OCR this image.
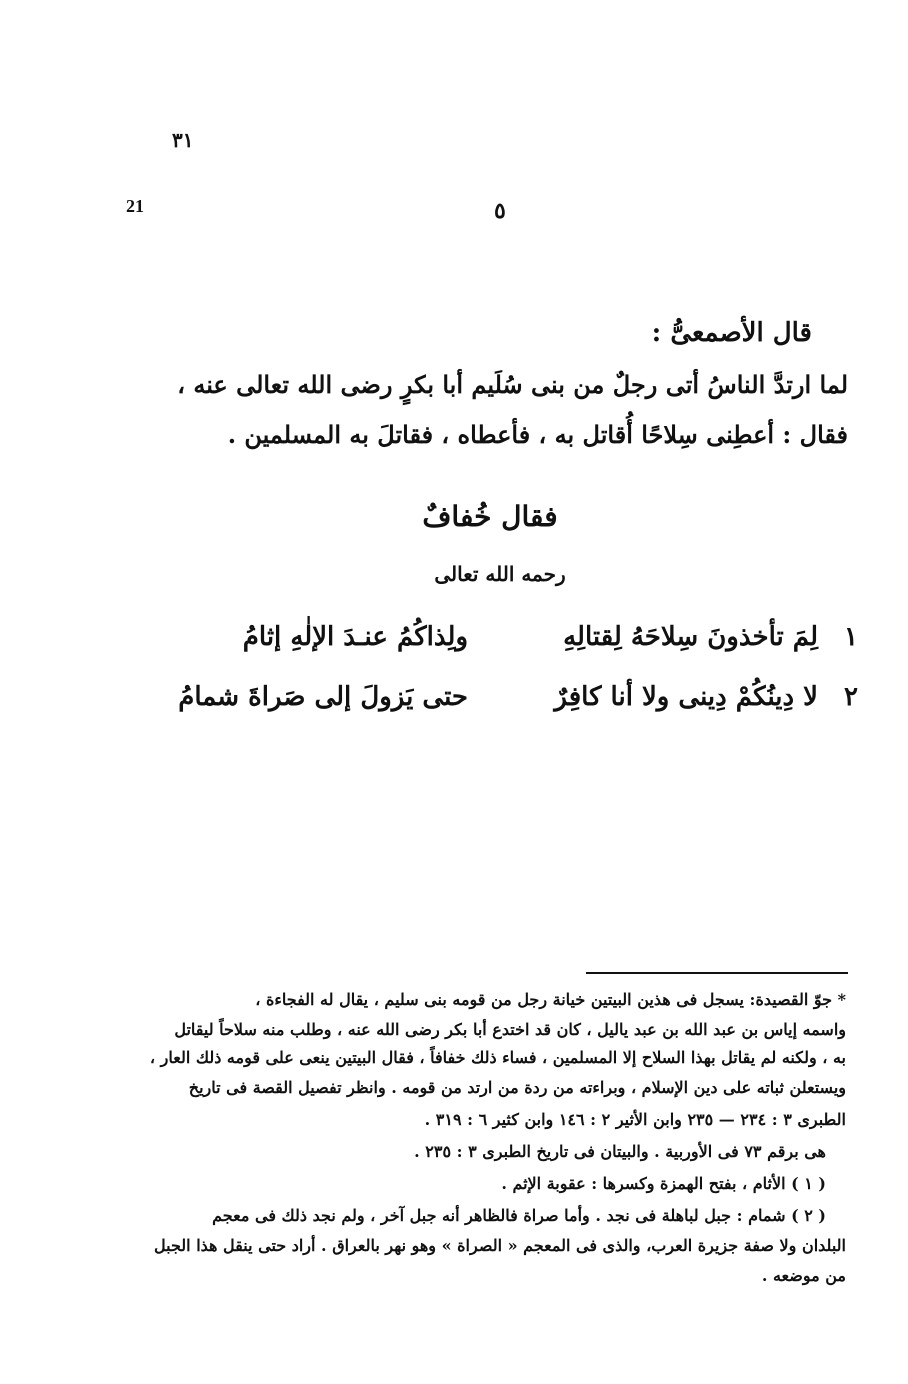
٣١
21	٥
قال الأصمعىُّ :
لما ارتدَّ الناسُ أتى رجلٌ من بنى سُلَيم أبا بكرٍ رضى الله تعالى عنه ،
فقال : أعطِنى سِلاحًا أُقاتل به ، فأعطاه ، فقاتلَ به المسلمين .
فقال خُفافٌ
رحمه الله تعالى
١
لِمَ تأخذونَ سِلاحَهُ لِقتالِهِ
ولِذاكُمُ عنـدَ الإلٰهِ إثامُ
٢
لا دِينُكُمْ دِينى ولا أنا كافِرٌ
حتى يَزولَ إلى صَراةَ شمامُ
* جوّ القصيدة: يسجل فى هذين البيتين خيانة رجل من قومه بنى سليم ، يقال له الفجاءة ،
واسمه إياس بن عبد الله بن عبد ياليل ، كان قد اختدع أبا بكر رضى الله عنه ، وطلب منه سلاحاً ليقاتل
به ، ولكنه لم يقاتل بهذا السلاح إلا المسلمين ، فساء ذلك خفافاً ، فقال البيتين ينعى على قومه ذلك العار ،
ويستعلن ثباته على دين الإسلام ، وبراءته من ردة من ارتد من قومه . وانظر تفصيل القصة فى تاريخ
الطبرى ٣ : ٢٣٤ — ٢٣٥ وابن الأثير ٢ : ١٤٦ وابن كثير ٦ : ٣١٩ .
هى برقم ٧٣ فى الأوربية . والبيتان فى تاريخ الطبرى ٣ : ٢٣٥ .
( ١ ) الأثام ، بفتح الهمزة وكسرها : عقوبة الإثم .
( ٢ ) شمام : جبل لباهلة فى نجد . وأما صراة فالظاهر أنه جبل آخر ، ولم نجد ذلك فى معجم
البلدان ولا صفة جزيرة العرب، والذى فى المعجم « الصراة » وهو نهر بالعراق . أراد حتى ينقل هذا الجبل
من موضعه .
